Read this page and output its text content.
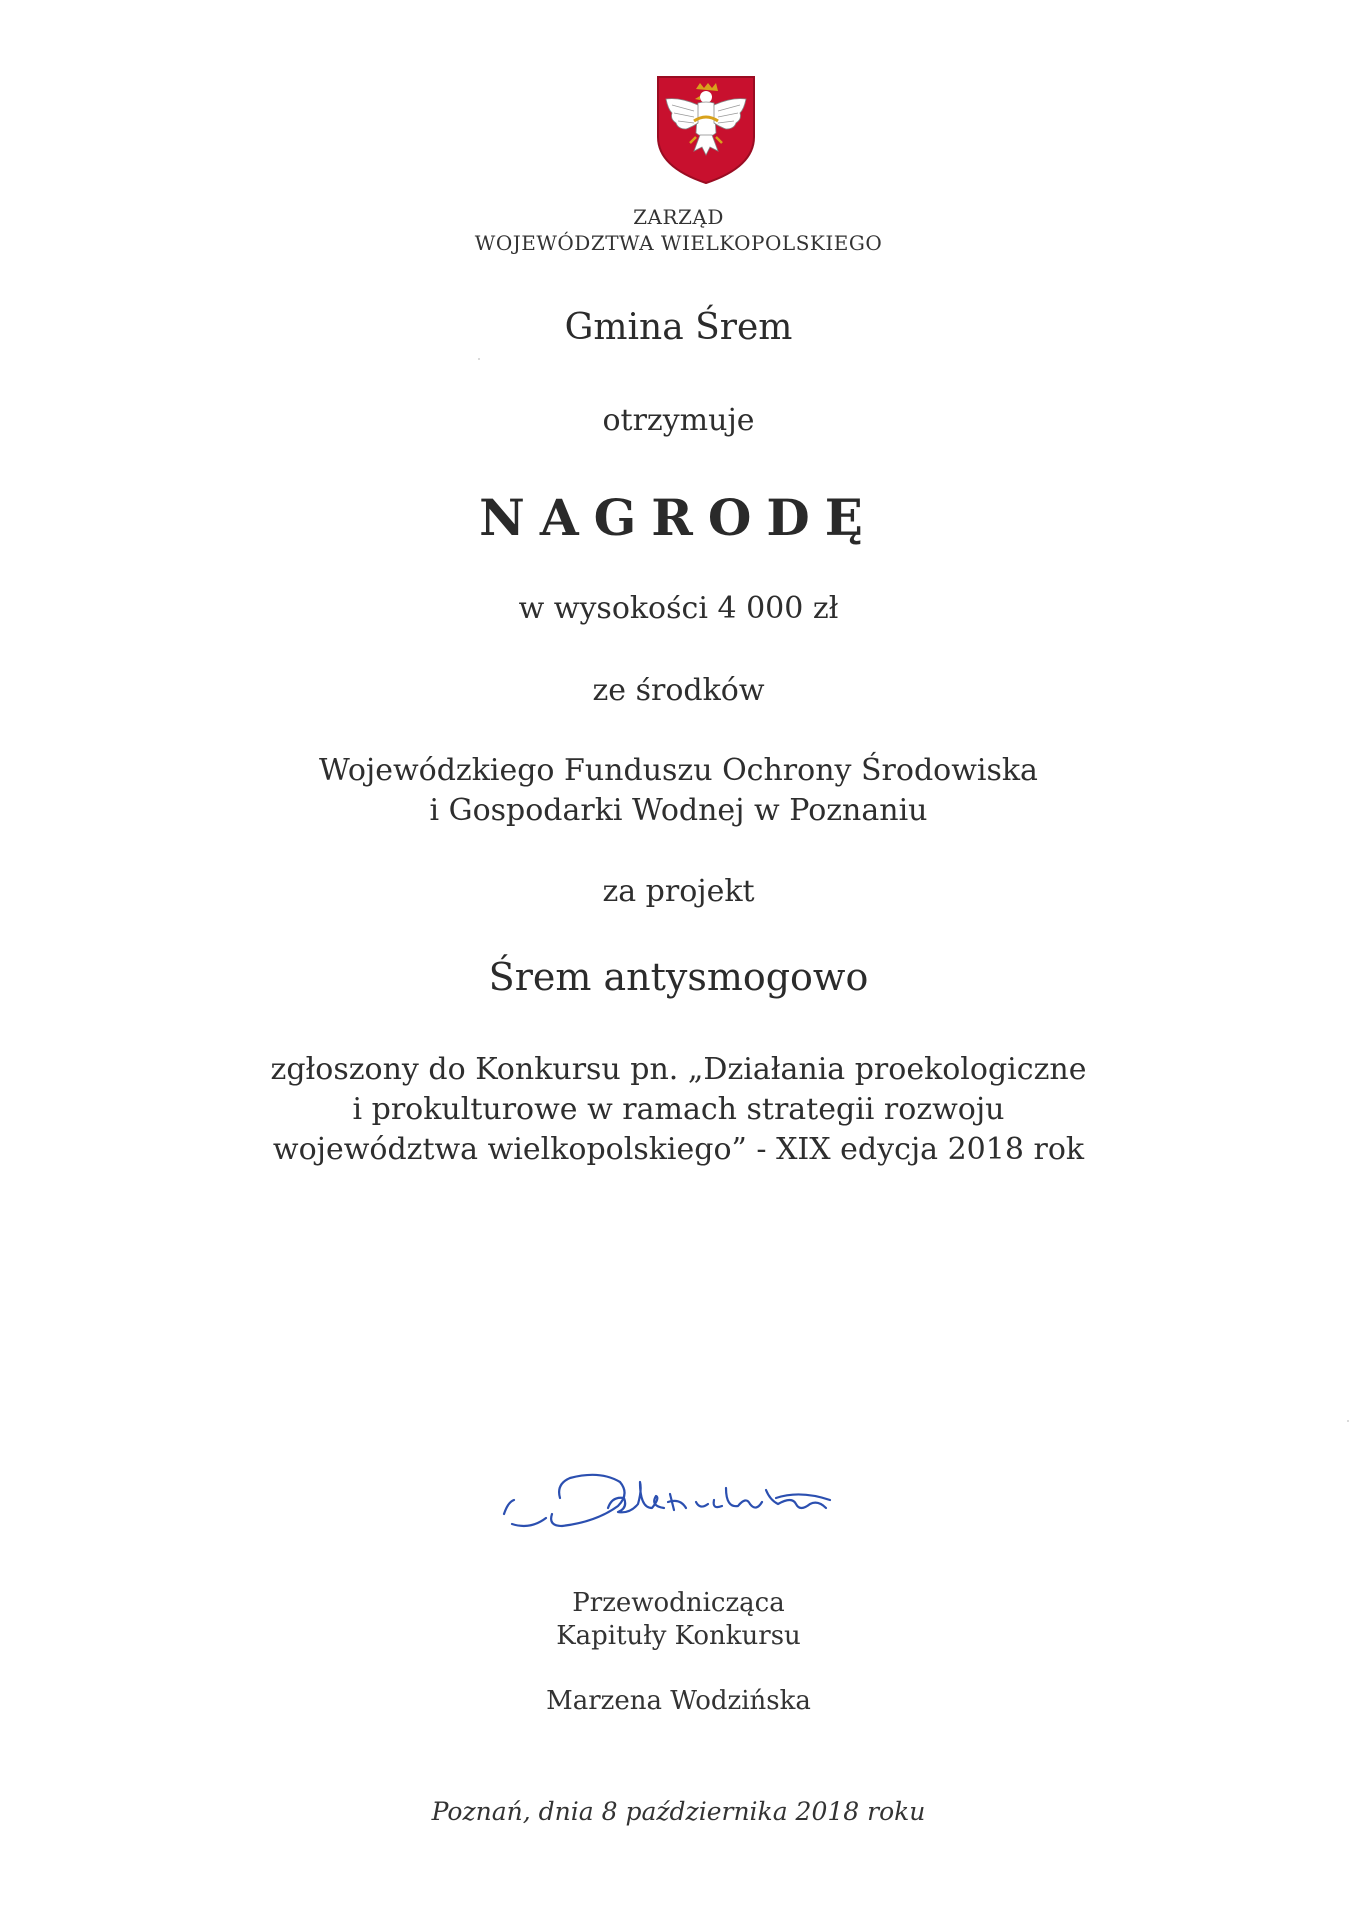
ZARZĄD
WOJEWÓDZTWA WIELKOPOLSKIEGO
Gmina Śrem
otrzymuje
NAGRODĘ
w wysokości 4 000 zł
ze środków
Wojewódzkiego Funduszu Ochrony Środowiska
i Gospodarki Wodnej w Poznaniu
za projekt
Śrem antysmogowo
zgłoszony do Konkursu pn. „Działania proekologiczne
i prokulturowe w ramach strategii rozwoju
województwa wielkopolskiego” - XIX edycja 2018 rok
Przewodnicząca
Kapituły Konkursu
Marzena Wodzińska
Poznań, dnia 8 października 2018 roku
